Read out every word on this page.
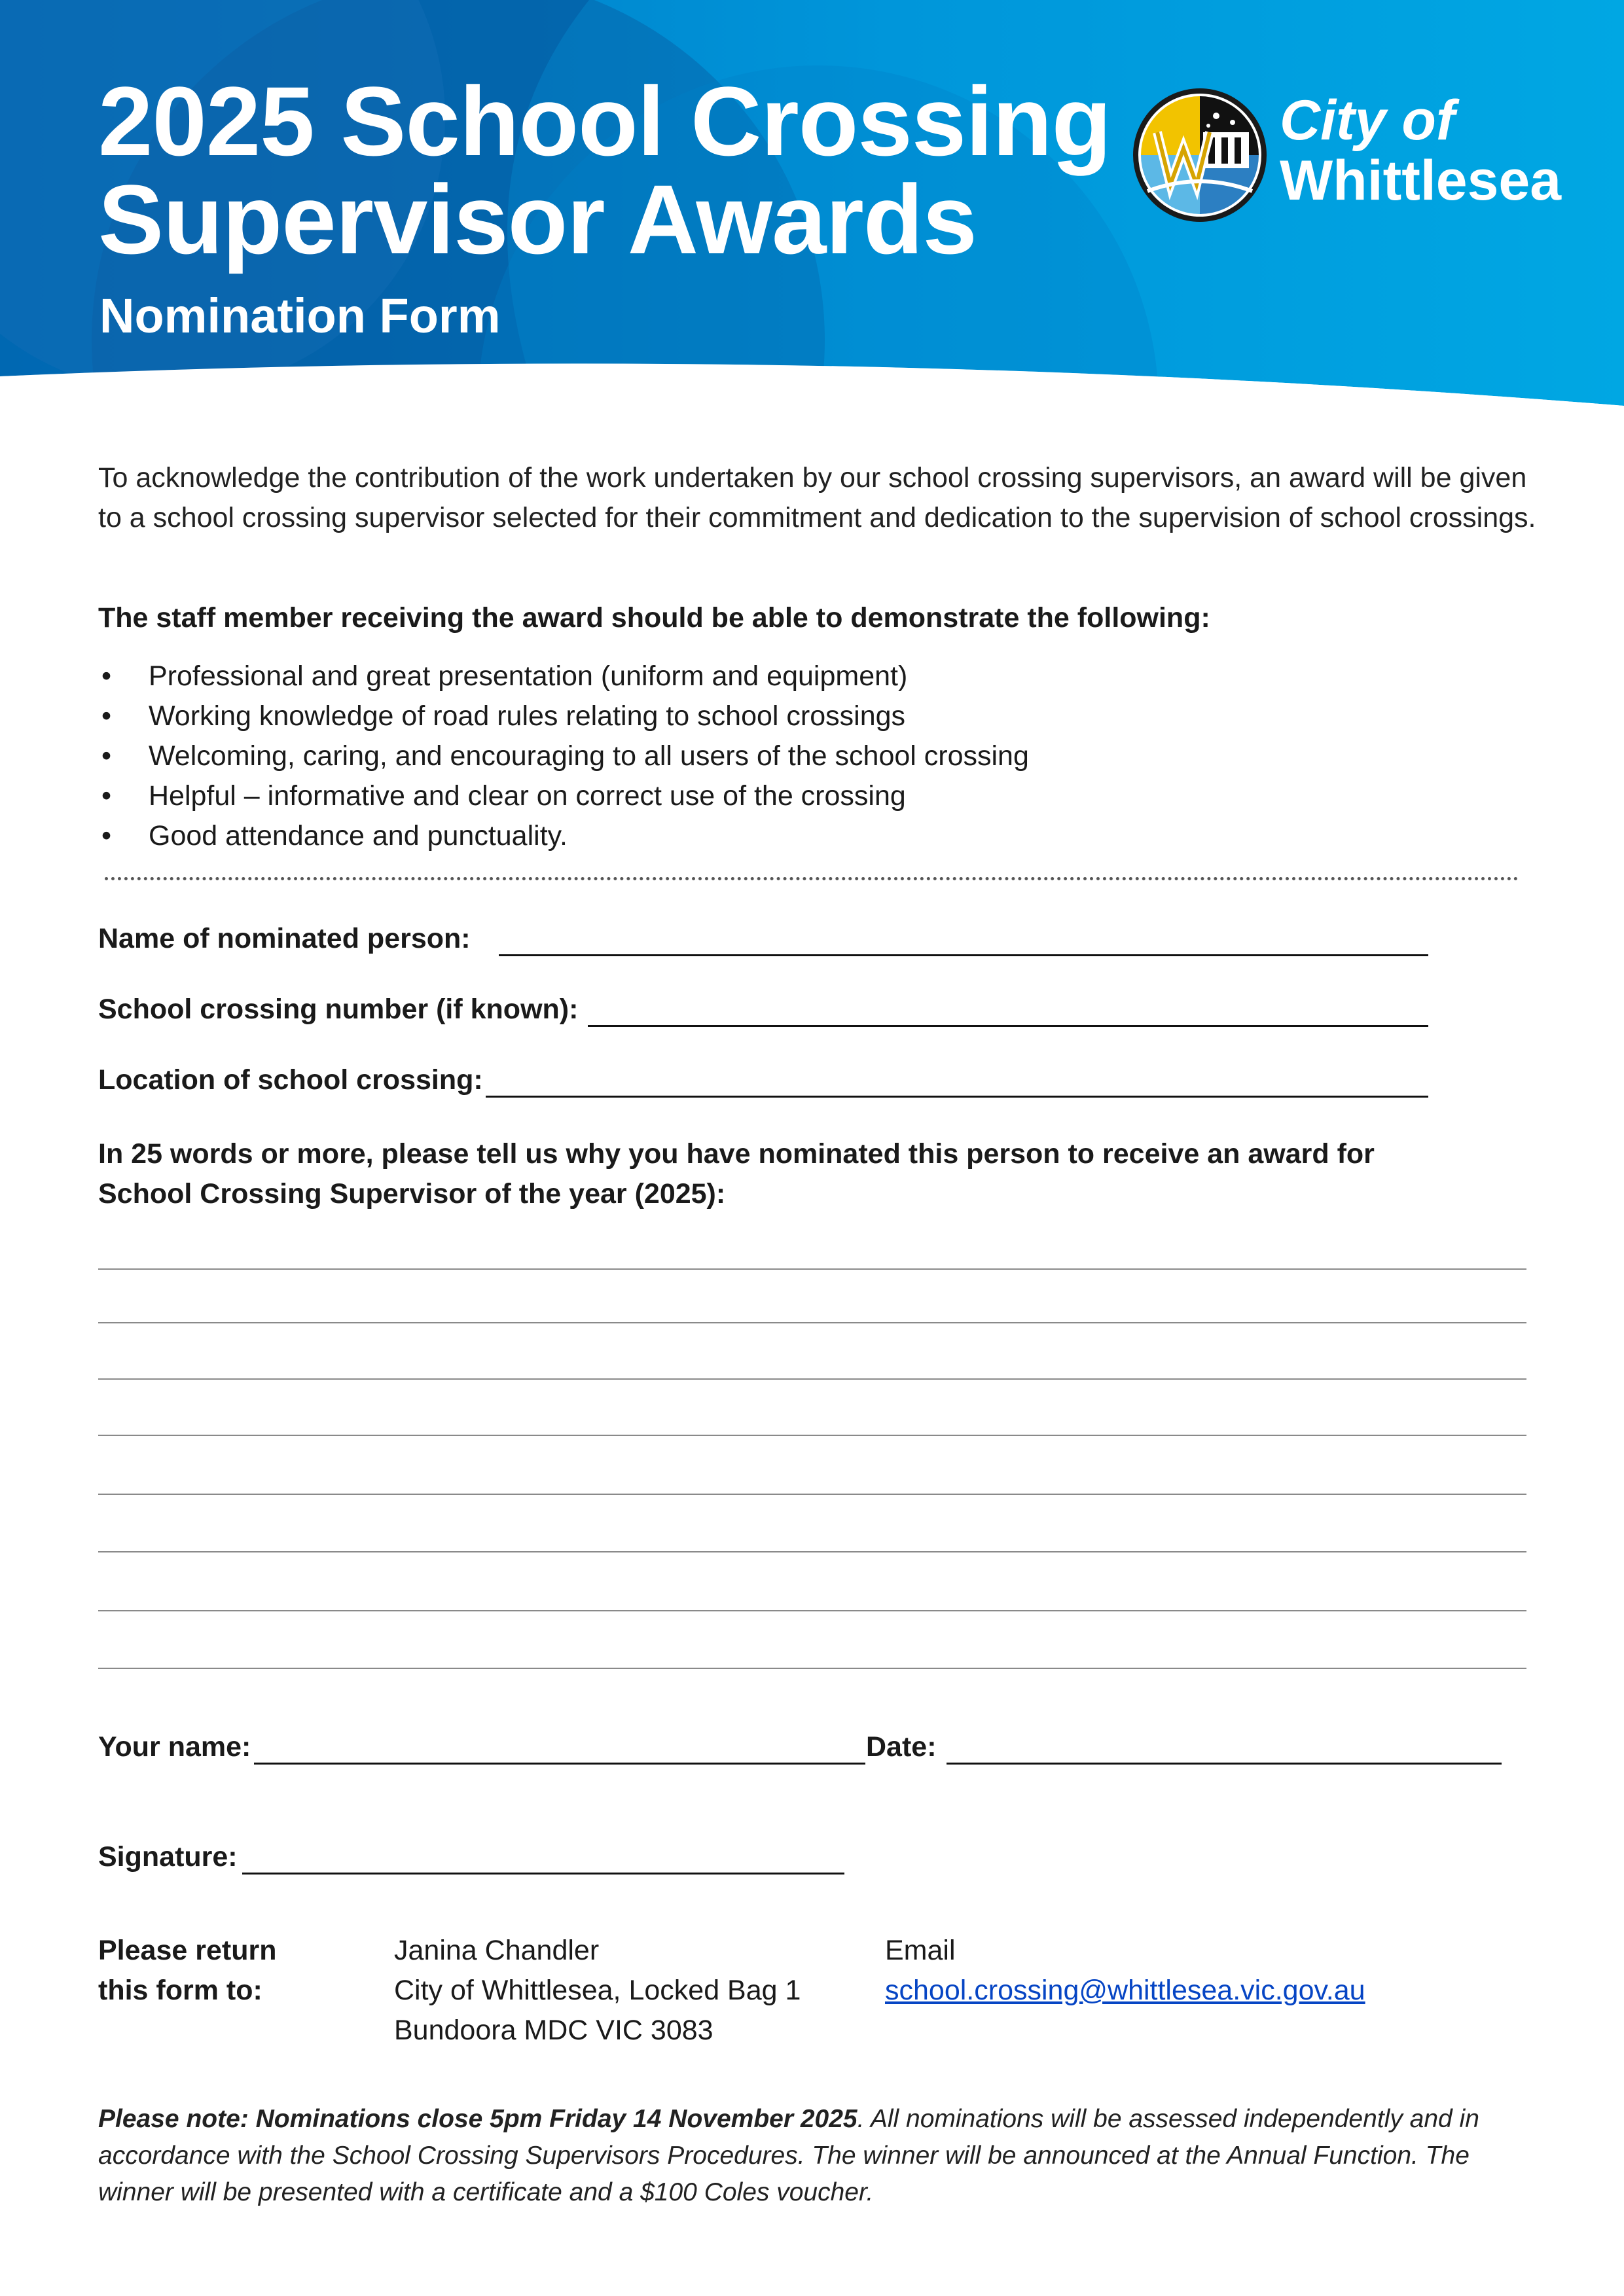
2025 School Crossing
Supervisor Awards
Nomination Form
City of
Whittlesea
To acknowledge the contribution of the work undertaken by our school crossing supervisors, an award will be given to a school crossing supervisor selected for their commitment and dedication to the supervision of school crossings.
The staff member receiving the award should be able to demonstrate the following:
• Professional and great presentation (uniform and equipment)
• Working knowledge of road rules relating to school crossings
• Welcoming, caring, and encouraging to all users of the school crossing
• Helpful – informative and clear on correct use of the crossing
• Good attendance and punctuality.
Name of nominated person:
School crossing number (if known):
Location of school crossing:
In 25 words or more, please tell us why you have nominated this person to receive an award for
School Crossing Supervisor of the year (2025):
Your name:	Date:
Signature:
Please return
this form to:
Janina Chandler
City of Whittlesea, Locked Bag 1
Bundoora MDC VIC 3083
Email
school.crossing@whittlesea.vic.gov.au
Please note: Nominations close 5pm Friday 14 November 2025. All nominations will be assessed independently and in accordance with the School Crossing Supervisors Procedures. The winner will be announced at the Annual Function. The winner will be presented with a certificate and a $100 Coles voucher.
